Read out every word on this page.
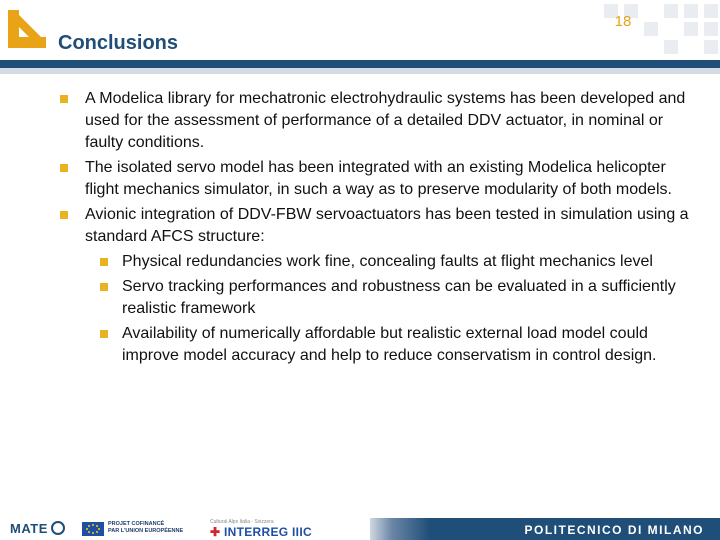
18
Conclusions
A Modelica library for mechatronic electrohydraulic systems has been developed and used for the assessment of performance of a detailed DDV actuator, in nominal or faulty conditions.
The isolated servo model has been integrated with an existing Modelica helicopter flight mechanics simulator, in such a way as to preserve modularity of both models.
Avionic integration of DDV-FBW servoactuators has been tested in simulation using a standard AFCS structure:
Physical redundancies work fine, concealing faults at flight mechanics level
Servo tracking performances and robustness can be evaluated in a sufficiently realistic framework
Availability of numerically affordable but realistic external load model could improve model accuracy and help to reduce conservatism in control design.
MATE	PROJET COFINANCÉ
PAR L'UNION EUROPÉENNE
Cultural Alps Italia - Svizzera
✚ INTERREG IIIC	POLITECNICO DI MILANO
